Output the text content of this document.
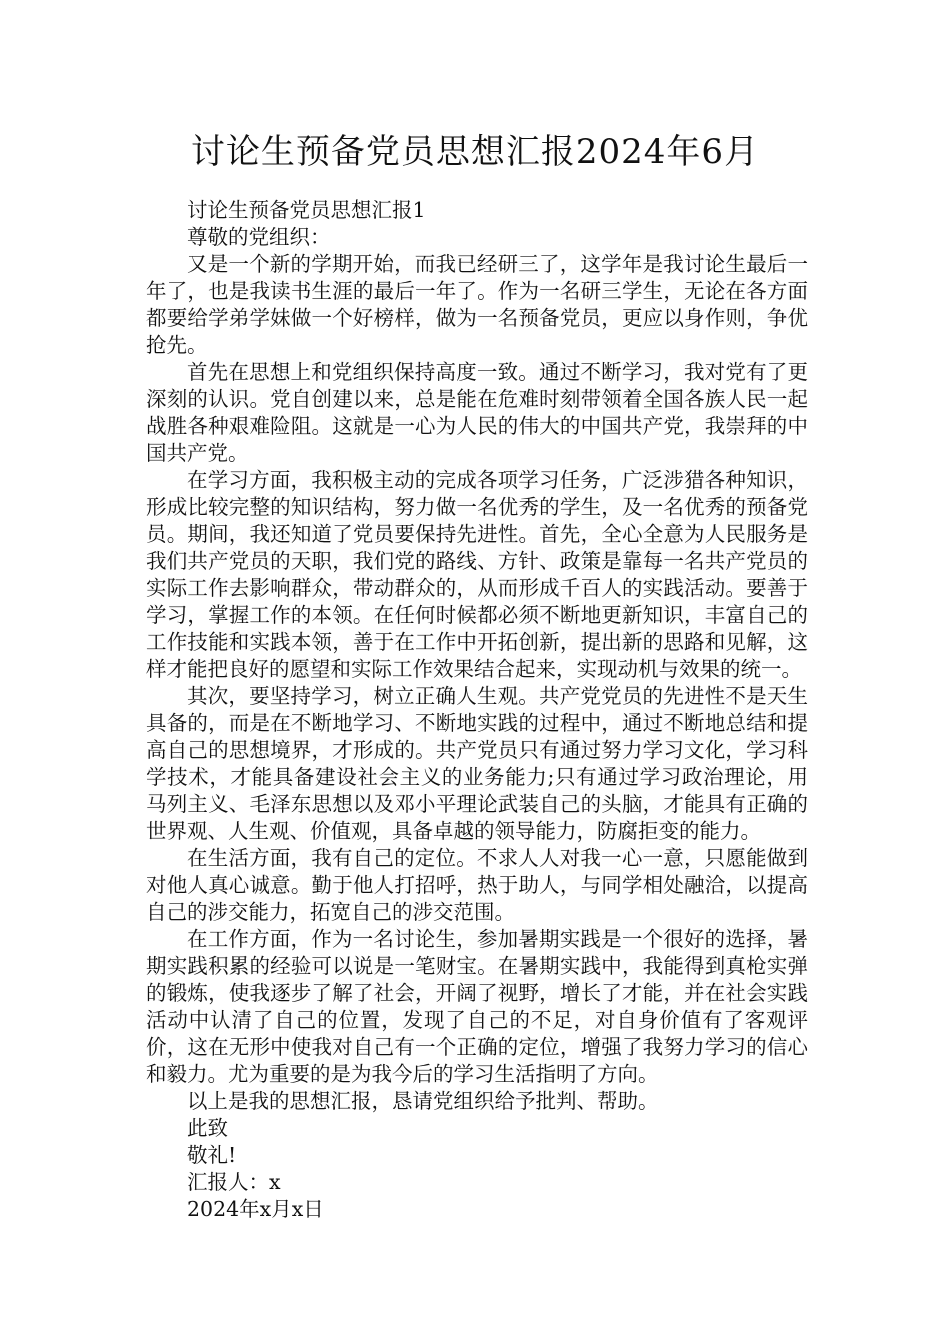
讨论生预备党员思想汇报2024年6月

讨论生预备党员思想汇报1

尊敬的党组织：

又是一个新的学期开始，而我已经研三了，这学年是我讨论生最后一年了，也是我读书生涯的最后一年了。作为一名研三学生，无论在各方面都要给学弟学妹做一个好榜样，做为一名预备党员，更应以身作则，争优抢先。

首先在思想上和党组织保持高度一致。通过不断学习，我对党有了更深刻的认识。党自创建以来，总是能在危难时刻带领着全国各族人民一起战胜各种艰难险阻。这就是一心为人民的伟大的中国共产党，我崇拜的中国共产党。

在学习方面，我积极主动的完成各项学习任务，广泛涉猎各种知识，形成比较完整的知识结构，努力做一名优秀的学生，及一名优秀的预备党员。期间，我还知道了党员要保持先进性。首先，全心全意为人民服务是我们共产党员的天职，我们党的路线、方针、政策是靠每一名共产党员的实际工作去影响群众，带动群众的，从而形成千百人的实践活动。要善于学习，掌握工作的本领。在任何时候都必须不断地更新知识，丰富自己的工作技能和实践本领，善于在工作中开拓创新，提出新的思路和见解，这样才能把良好的愿望和实际工作效果结合起来，实现动机与效果的统一。

其次，要坚持学习，树立正确人生观。共产党党员的先进性不是天生具备的，而是在不断地学习、不断地实践的过程中，通过不断地总结和提高自己的思想境界，才形成的。共产党员只有通过努力学习文化，学习科学技术，才能具备建设社会主义的业务能力;只有通过学习政治理论，用马列主义、毛泽东思想以及邓小平理论武装自己的头脑，才能具有正确的世界观、人生观、价值观，具备卓越的领导能力，防腐拒变的能力。

在生活方面，我有自己的定位。不求人人对我一心一意，只愿能做到对他人真心诚意。勤于他人打招呼，热于助人，与同学相处融洽，以提高自己的涉交能力，拓宽自己的涉交范围。

在工作方面，作为一名讨论生，参加暑期实践是一个很好的选择，暑期实践积累的经验可以说是一笔财宝。在暑期实践中，我能得到真枪实弹的锻炼，使我逐步了解了社会，开阔了视野，增长了才能，并在社会实践活动中认清了自己的位置，发现了自己的不足，对自身价值有了客观评价，这在无形中使我对自己有一个正确的定位，增强了我努力学习的信心和毅力。尤为重要的是为我今后的学习生活指明了方向。

以上是我的思想汇报，恳请党组织给予批判、帮助。

此致

敬礼!

汇报人：x

2024年x月x日
